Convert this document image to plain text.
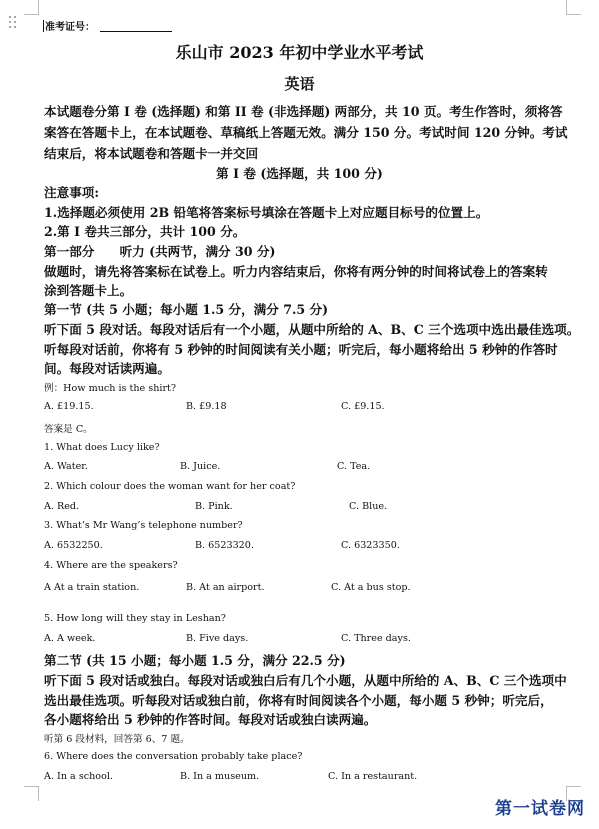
准考证号：
乐山市 2023 年初中学业水平考试
英语
本试题卷分第 I 卷 (选择题) 和第 II 卷 (非选择题) 两部分，共 10 页。考生作答时，须将答
案答在答题卡上，在本试题卷、草稿纸上答题无效。满分 150 分。考试时间 120 分钟。考试
结束后，将本试题卷和答题卡一并交回
第 I 卷 (选择题，共 100 分)
注意事项:
1.选择题必须使用 2B 铅笔将答案标号填涂在答题卡上对应题目标号的位置上。
2.第 I 卷共三部分，共计 100 分。
第一部分　　听力 (共两节，满分 30 分)
做题时，请先将答案标在试卷上。听力内容结束后，你将有两分钟的时间将试卷上的答案转
涂到答题卡上。
第一节 (共 5 小题；每小题 1.5 分，满分 7.5 分)
听下面 5 段对话。每段对话后有一个小题，从题中所给的 A、B、C 三个选项中选出最佳选项。
听每段对话前，你将有 5 秒钟的时间阅读有关小题；听完后，每小题将给出 5 秒钟的作答时
间。每段对话读两遍。
例：How much is the shirt?
A. £19.15.	B. £9.18	C. £9.15.
答案是 C。
1. What does Lucy like?
A. Water.	B. Juice.	C. Tea.
2. Which colour does the woman want for her coat?
A. Red.	B. Pink.	C. Blue.
3. What’s Mr Wang’s telephone number?
A. 6532250.	B. 6523320.	C. 6323350.
4. Where are the speakers?
A At a train station.	B. At an airport.	C. At a bus stop.
5. How long will they stay in Leshan?
A. A week.	B. Five days.	C. Three days.
第二节 (共 15 小题；每小题 1.5 分，满分 22.5 分)
听下面 5 段对话或独白。每段对话或独白后有几个小题，从题中所给的 A、B、C 三个选项中
选出最佳选项。听每段对话或独白前，你将有时间阅读各个小题，每小题 5 秒钟；听完后，
各小题将给出 5 秒钟的作答时间。每段对话或独白读两遍。
听第 6 段材料，回答第 6、7 题。
6. Where does the conversation probably take place?
A. In a school.	B. In a museum.	C. In a restaurant.
第一试卷网
